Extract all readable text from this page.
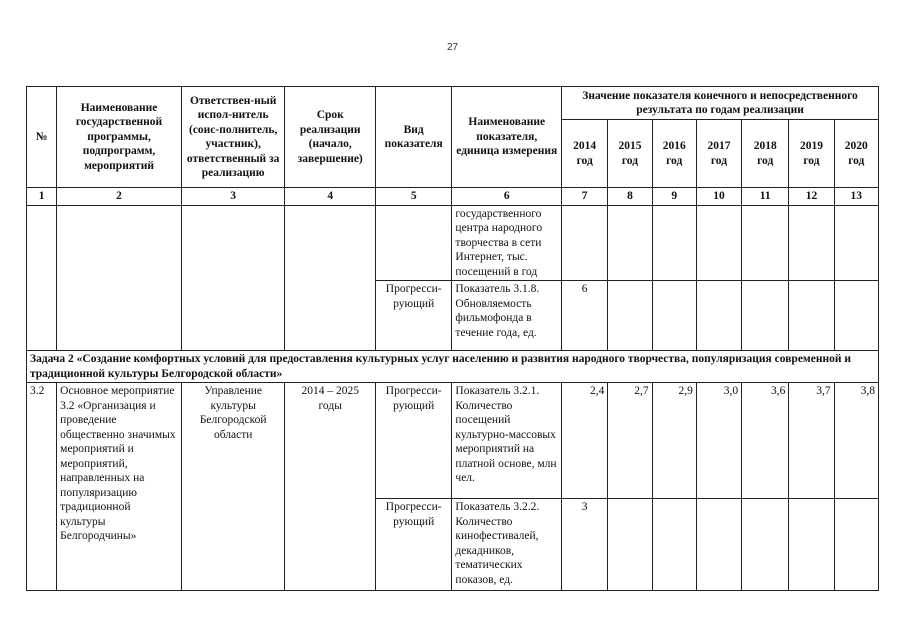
27
№	Наименование государственной программы, подпрограмм, мероприятий	Ответствен-ный испол-нитель (соис-полнитель, участник), ответственный за реализацию	Срок реализации (начало, завершение)	Вид показателя	Наименование показателя, единица измерения	Значение показателя конечного и непосредственного результата по годам реализации						
						2014 год	2015 год	2016 год	2017 год	2018 год	2019 год	2020 год
1	2	3	4	5	6	7	8	9	10	11	12	13
					государственного центра народного творчества в сети Интернет, тыс. посещений в год							
				Прогресси-рующий	Показатель 3.1.8. Обновляемость фильмофонда в течение года, ед.	6						
Задача 2 «Создание комфортных условий для предоставления культурных услуг населению и развития народного творчества, популяризация современной и традиционной культуры Белгородской области»												
3.2	Основное мероприятие 3.2 «Организация и проведение общественно значимых мероприятий и мероприятий, направленных на популяризацию традиционной культуры Белгородчины»	Управление культуры Белгородской области	2014 – 2025 годы	Прогресси-рующий	Показатель 3.2.1. Количество посещений культурно-массовых мероприятий на платной основе, млн чел.	2,4	2,7	2,9	3,0	3,6	3,7	3,8
				Прогресси-рующий	Показатель 3.2.2. Количество кинофестивалей, декадников, тематических показов, ед.	3						
